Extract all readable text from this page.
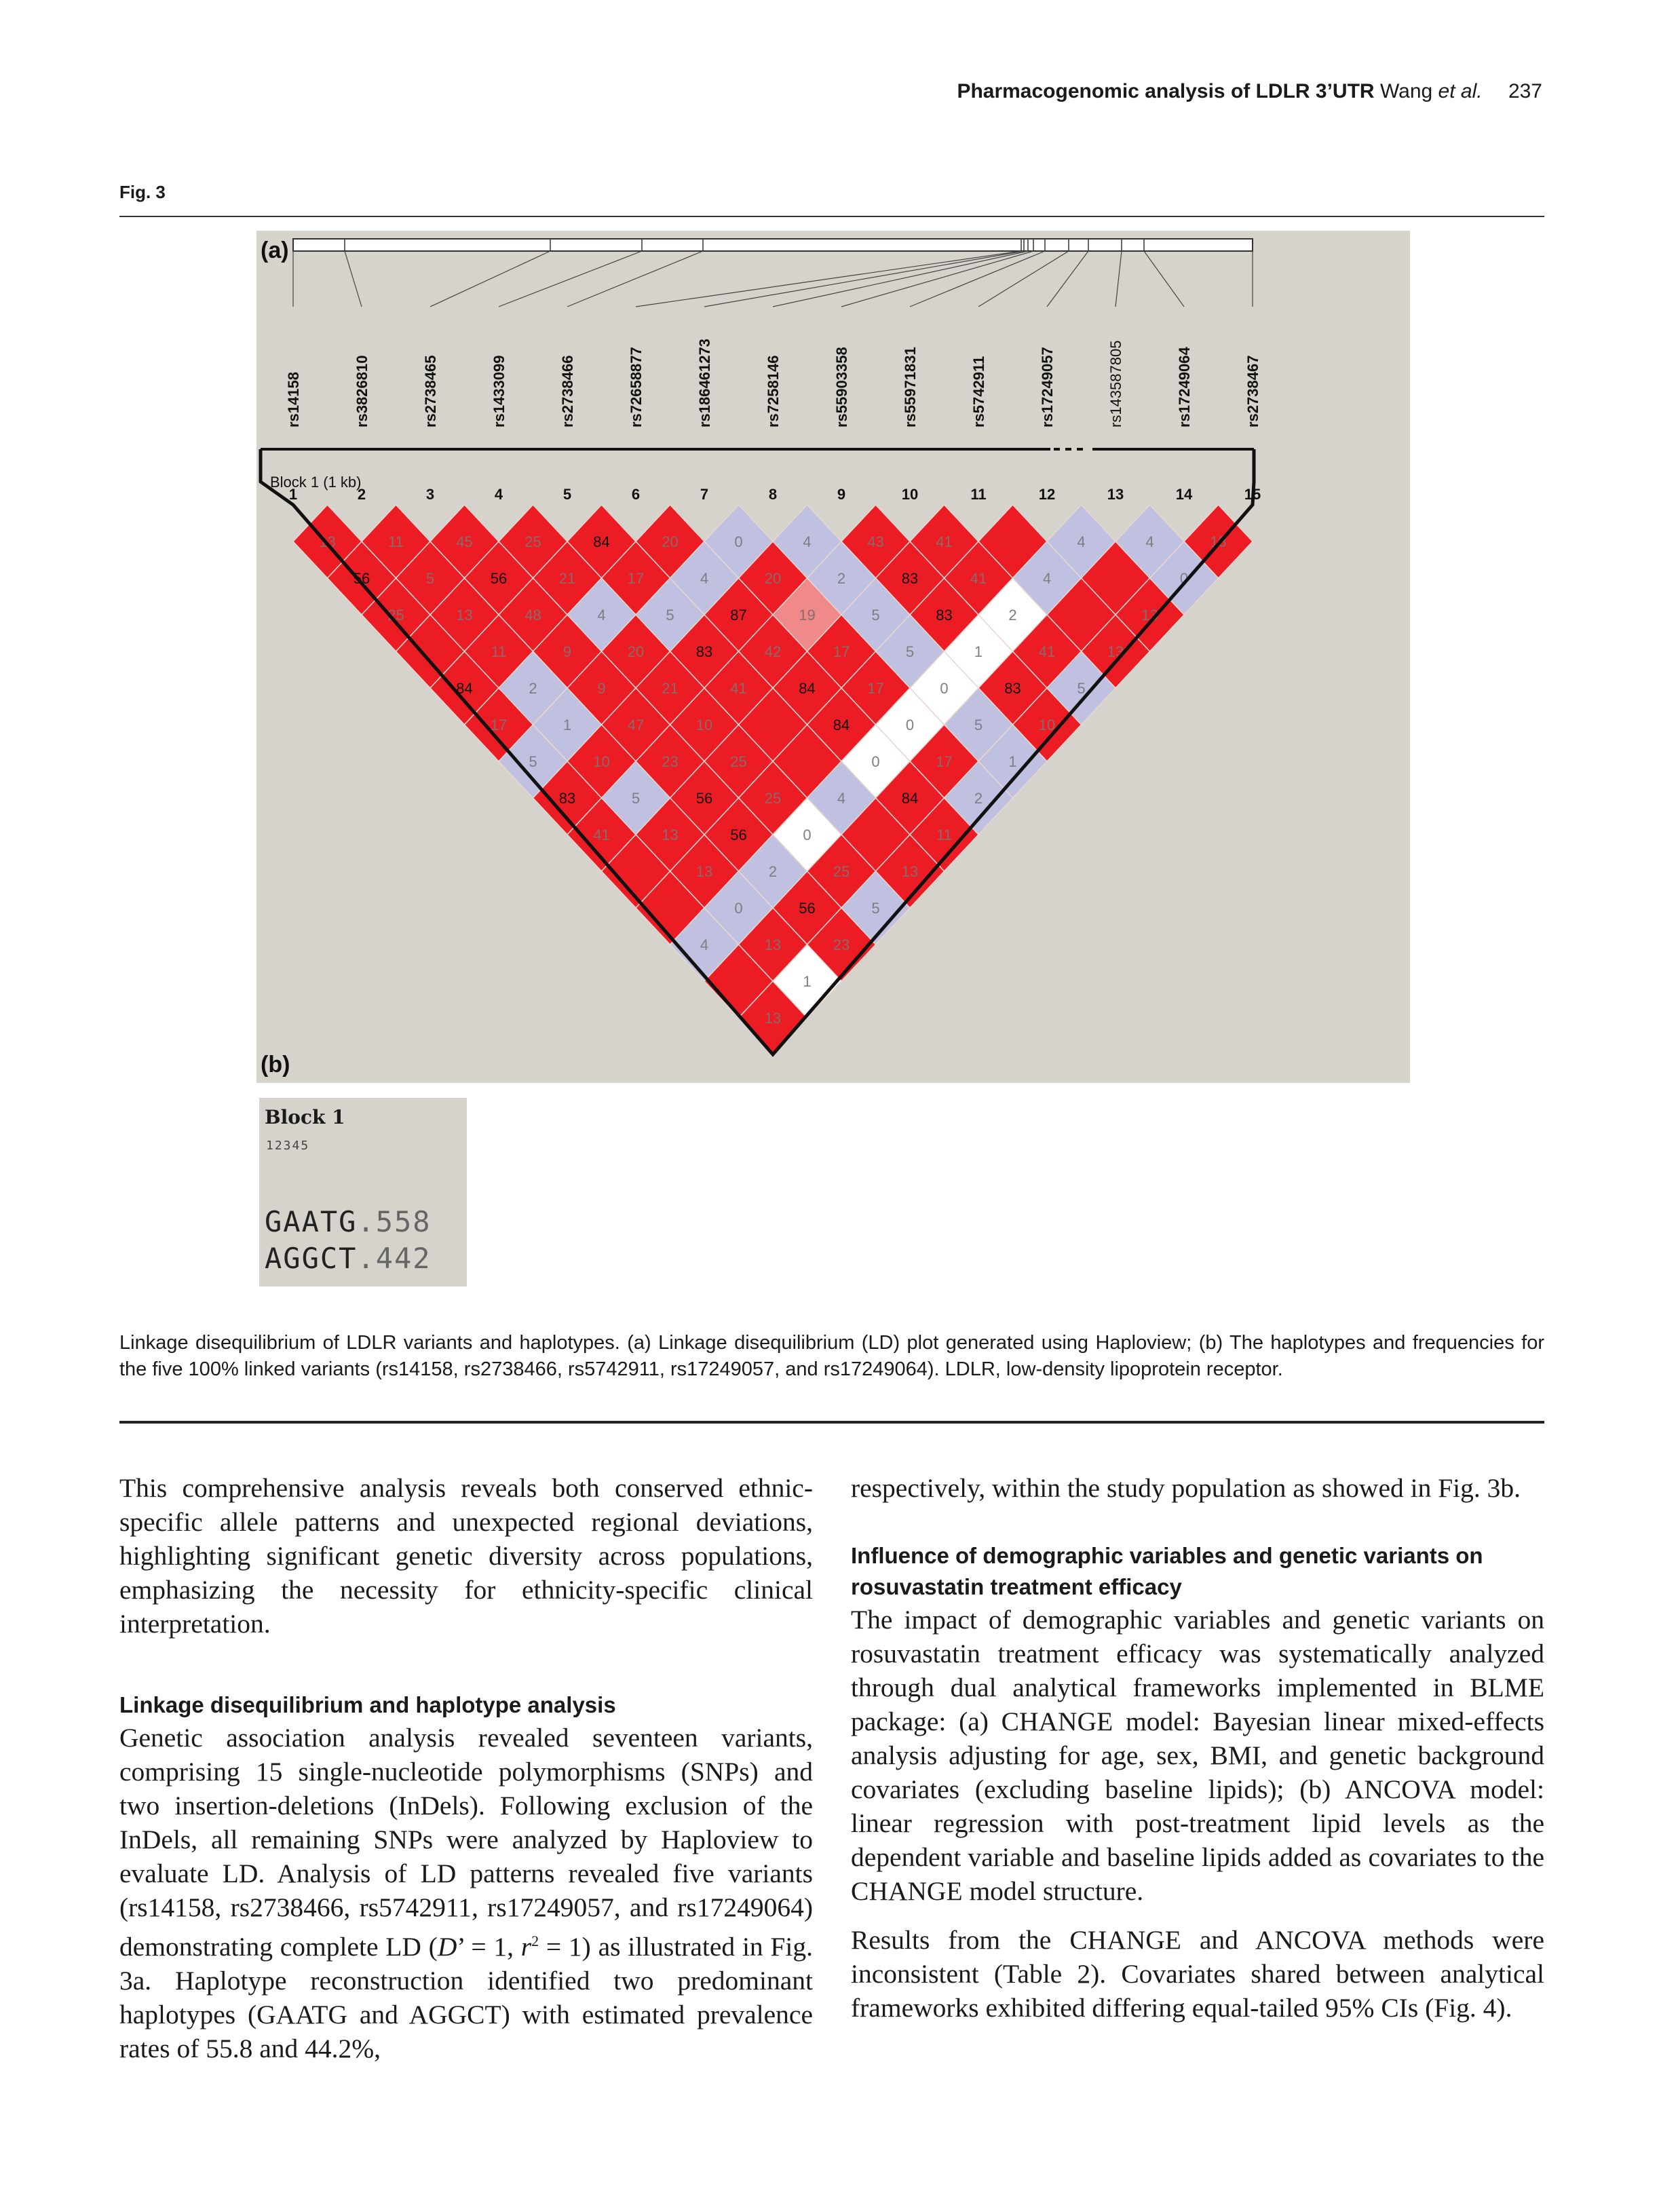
Pharmacogenomic analysis of LDLR 3’UTR Wang et al. 237
Fig. 3
rs14158	rs3826810	rs2738465	rs1433099	rs2738466	rs72658877	rs186461273	rs7258146	rs55903358	rs55971831	rs5742911	rs17249057	rs143587805	rs17249064	rs2738467
1	2	3	4	5	6	7	8	9	10	11	12	13	14	15
13	11	45	25	84	20	0	4	43	41	4	4	13
56	5	56	21	17	4	20	2	83	41	4	0
25	13	48	4	5	87	19	5	83	2	13
11	9	20	83	42	17	5	1	41	13
84	2	9	21	41	84	17	0	83	5
17	1	47	10	84	0	5	10
5	10	23	25	0	17	1
83	5	56	25	4	84	2
41	13	56	0	11
13	2	25	13
0	56	5
4	13	23
1
13
(a)
(b)
Block 1 (1 kb)
Block 1
12345
GAATG.558
AGGCT.442
Linkage disequilibrium of LDLR variants and haplotypes. (a) Linkage disequilibrium (LD) plot generated using Haploview; (b) The haplotypes and frequencies for the five 100% linked variants (rs14158, rs2738466, rs5742911, rs17249057, and rs17249064). LDLR, low-density lipoprotein receptor.

This comprehensive analysis reveals both conserved ethnic-specific allele patterns and unexpected regional deviations, highlighting significant genetic diversity across populations, emphasizing the necessity for ethnicity-specific clinical interpretation.

Linkage disequilibrium and haplotype analysis

Genetic association analysis revealed seventeen variants, comprising 15 single-nucleotide polymorphisms (SNPs) and two insertion-deletions (InDels). Following exclusion of the InDels, all remaining SNPs were analyzed by Haploview to evaluate LD. Analysis of LD patterns revealed five variants (rs14158, rs2738466, rs5742911, rs17249057, and rs17249064) demonstrating complete LD (D’ = 1, $r^2 = 1$) as illustrated in Fig. 3a. Haplotype reconstruction identified two predominant haplotypes (GAATG and AGGCT) with estimated prevalence rates of 55.8 and 44.2%,

respectively, within the study population as showed in Fig. 3b.

Influence of demographic variables and genetic variants on rosuvastatin treatment efficacy

The impact of demographic variables and genetic variants on rosuvastatin treatment efficacy was systematically analyzed through dual analytical frameworks implemented in BLME package: (a) CHANGE model: Bayesian linear mixed-effects analysis adjusting for age, sex, BMI, and genetic background covariates (excluding baseline lipids); (b) ANCOVA model: linear regression with post-treatment lipid levels as the dependent variable and baseline lipids added as covariates to the CHANGE model structure.

Results from the CHANGE and ANCOVA methods were inconsistent (Table 2). Covariates shared between analytical frameworks exhibited differing equal-tailed 95% CIs (Fig. 4).
